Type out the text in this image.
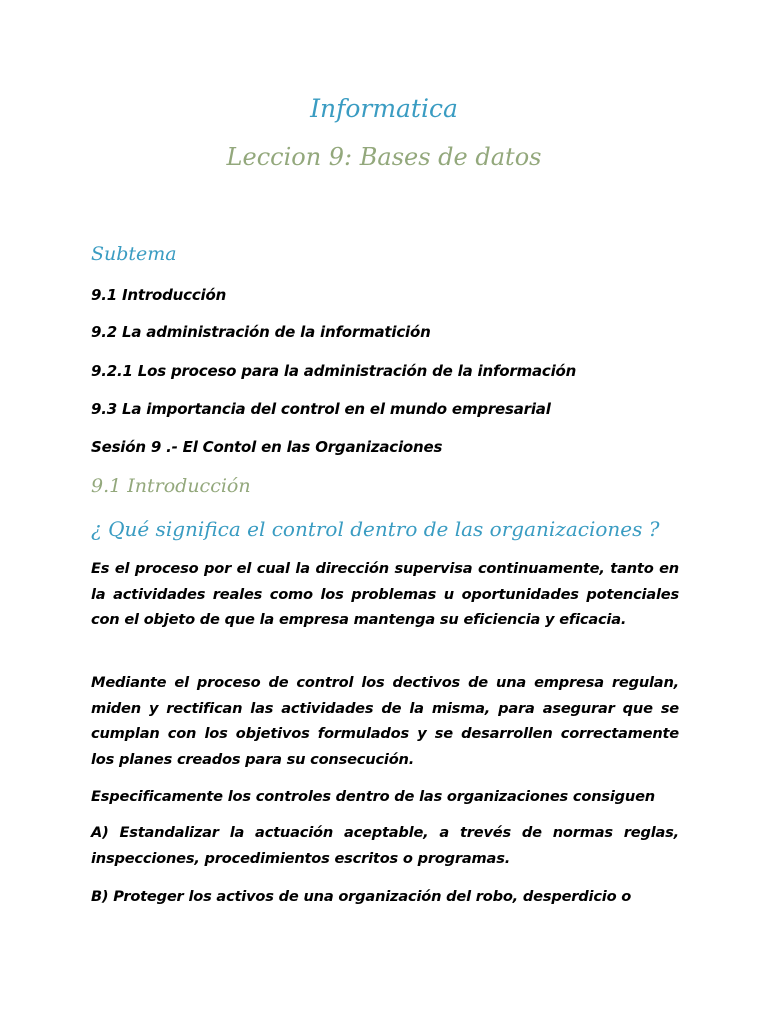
Informatica
Leccion 9: Bases de datos
Subtema
9.1 Introducción
9.2 La administración de la informatición
9.2.1 Los proceso para la administración de la información
9.3 La importancia del control en el mundo empresarial
Sesión 9 .- El Contol en las Organizaciones
9.1 Introducción
¿ Qué significa el control dentro de las organizaciones ?

Es el proceso por el cual la dirección supervisa continuamente, tanto en la actividades reales como los problemas u oportunidades potenciales con el objeto de que la empresa mantenga su eficiencia y eficacia.

Mediante el proceso de control los dectivos de una empresa regulan, miden y rectifican las actividades de la misma, para asegurar que se cumplan con los objetivos formulados y se desarrollen correctamente los planes creados para su consecución.

Especificamente los controles dentro de las organizaciones consiguen

A) Estandalizar la actuación aceptable, a trevés de normas reglas, inspecciones, procedimientos escritos o programas.

B) Proteger los activos de una organización del robo, desperdicio o
